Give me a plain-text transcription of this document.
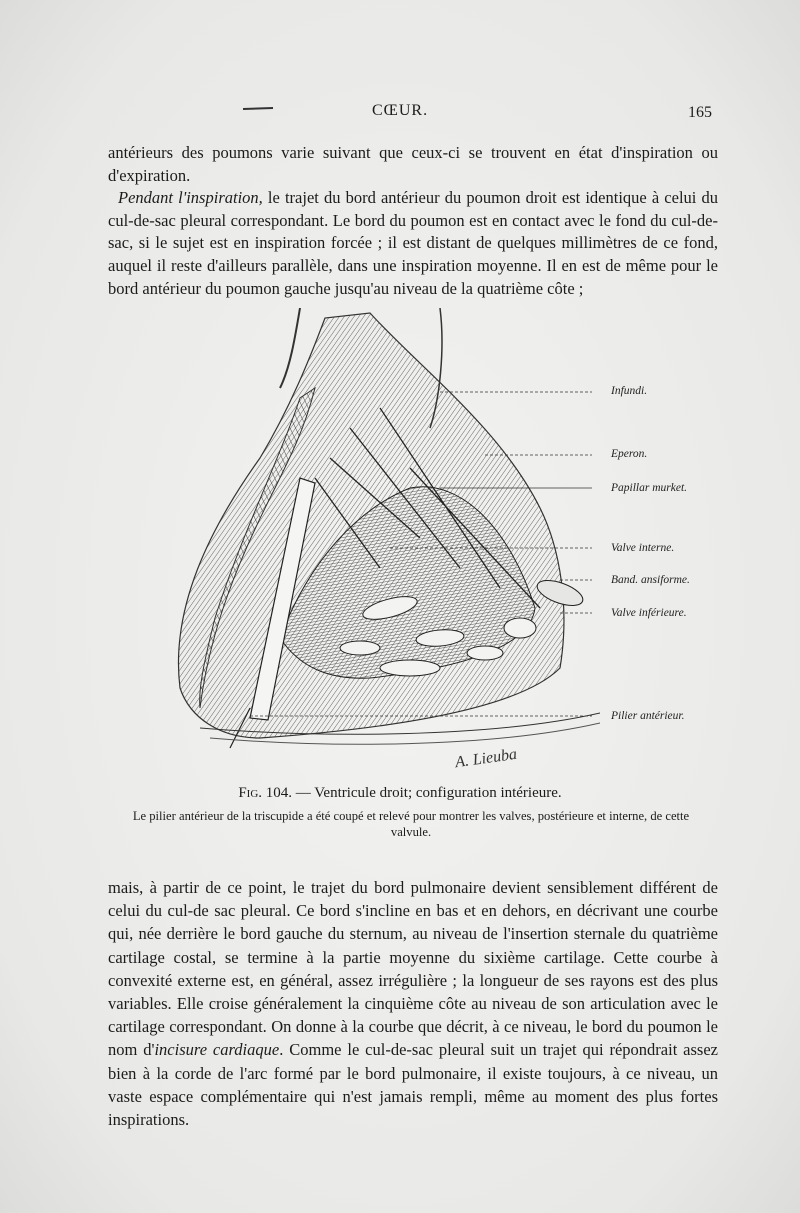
CŒUR.	165

antérieurs des poumons varie suivant que ceux-ci se trouvent en état d'inspiration ou d'expiration.
Pendant l'inspiration, le trajet du bord antérieur du poumon droit est identique à celui du cul-de-sac pleural correspondant. Le bord du poumon est en contact avec le fond du cul-de-sac, si le sujet est en inspiration forcée ; il est distant de quelques millimètres de ce fond, auquel il reste d'ailleurs parallèle, dans une inspiration moyenne. Il en est de même pour le bord antérieur du poumon gauche jusqu'au niveau de la quatrième côte ;

Infundi.
Eperon.
Papillar murket.
Valve interne.
Band. ansiforme.
Valve inférieure.
Pilier antérieur.
A. Lieuba
Fig. 104. — Ventricule droit; configuration intérieure.
Le pilier antérieur de la triscupide a été coupé et relevé pour montrer les valves, postérieure et interne, de cette valvule.

mais, à partir de ce point, le trajet du bord pulmonaire devient sensiblement différent de celui du cul-de sac pleural. Ce bord s'incline en bas et en dehors, en décrivant une courbe qui, née derrière le bord gauche du sternum, au niveau de l'insertion sternale du quatrième cartilage costal, se termine à la partie moyenne du sixième cartilage. Cette courbe à convexité externe est, en général, assez irrégulière ; la longueur de ses rayons est des plus variables. Elle croise généralement la cinquième côte au niveau de son articulation avec le cartilage correspondant. On donne à la courbe que décrit, à ce niveau, le bord du poumon le nom d'incisure cardiaque. Comme le cul-de-sac pleural suit un trajet qui répondrait assez bien à la corde de l'arc formé par le bord pulmonaire, il existe toujours, à ce niveau, un vaste espace complémentaire qui n'est jamais rempli, même au moment des plus fortes inspirations.
